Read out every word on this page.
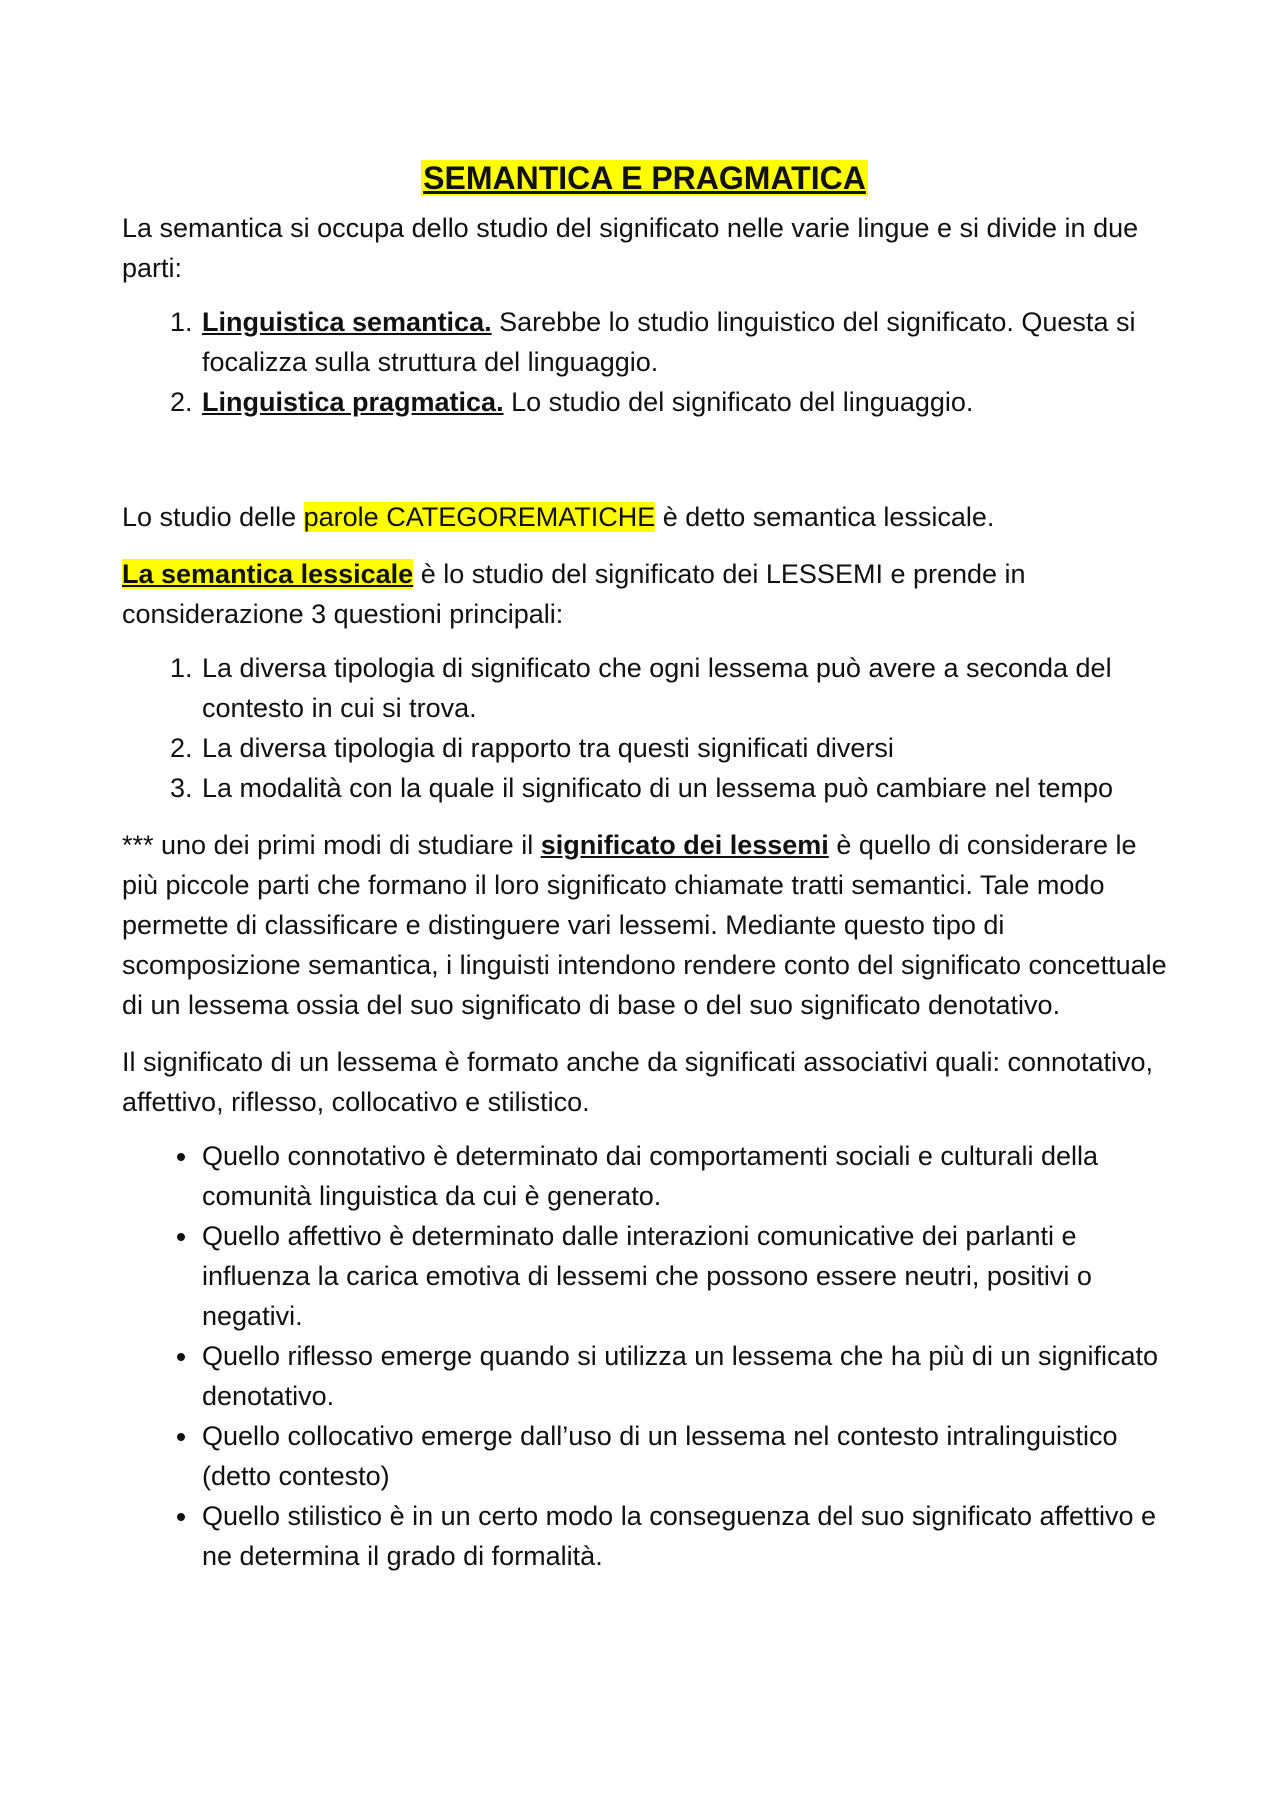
SEMANTICA E PRAGMATICA

La semantica si occupa dello studio del significato nelle varie lingue e si divide in due parti:

1. Linguistica semantica. Sarebbe lo studio linguistico del significato. Questa si focalizza sulla struttura del linguaggio.
2. Linguistica pragmatica. Lo studio del significato del linguaggio.

Lo studio delle parole CATEGOREMATICHE è detto semantica lessicale.

La semantica lessicale è lo studio del significato dei LESSEMI e prende in considerazione 3 questioni principali:

1. La diversa tipologia di significato che ogni lessema può avere a seconda del contesto in cui si trova.
2. La diversa tipologia di rapporto tra questi significati diversi
3. La modalità con la quale il significato di un lessema può cambiare nel tempo

*** uno dei primi modi di studiare il significato dei lessemi è quello di considerare le più piccole parti che formano il loro significato chiamate tratti semantici. Tale modo permette di classificare e distinguere vari lessemi. Mediante questo tipo di scomposizione semantica, i linguisti intendono rendere conto del significato concettuale di un lessema ossia del suo significato di base o del suo significato denotativo.

Il significato di un lessema è formato anche da significati associativi quali: connotativo, affettivo, riflesso, collocativo e stilistico.

• Quello connotativo è determinato dai comportamenti sociali e culturali della comunità linguistica da cui è generato.
• Quello affettivo è determinato dalle interazioni comunicative dei parlanti e influenza la carica emotiva di lessemi che possono essere neutri, positivi o negativi.
• Quello riflesso emerge quando si utilizza un lessema che ha più di un significato denotativo.
• Quello collocativo emerge dall’uso di un lessema nel contesto intralinguistico (detto contesto)
• Quello stilistico è in un certo modo la conseguenza del suo significato affettivo e ne determina il grado di formalità.
